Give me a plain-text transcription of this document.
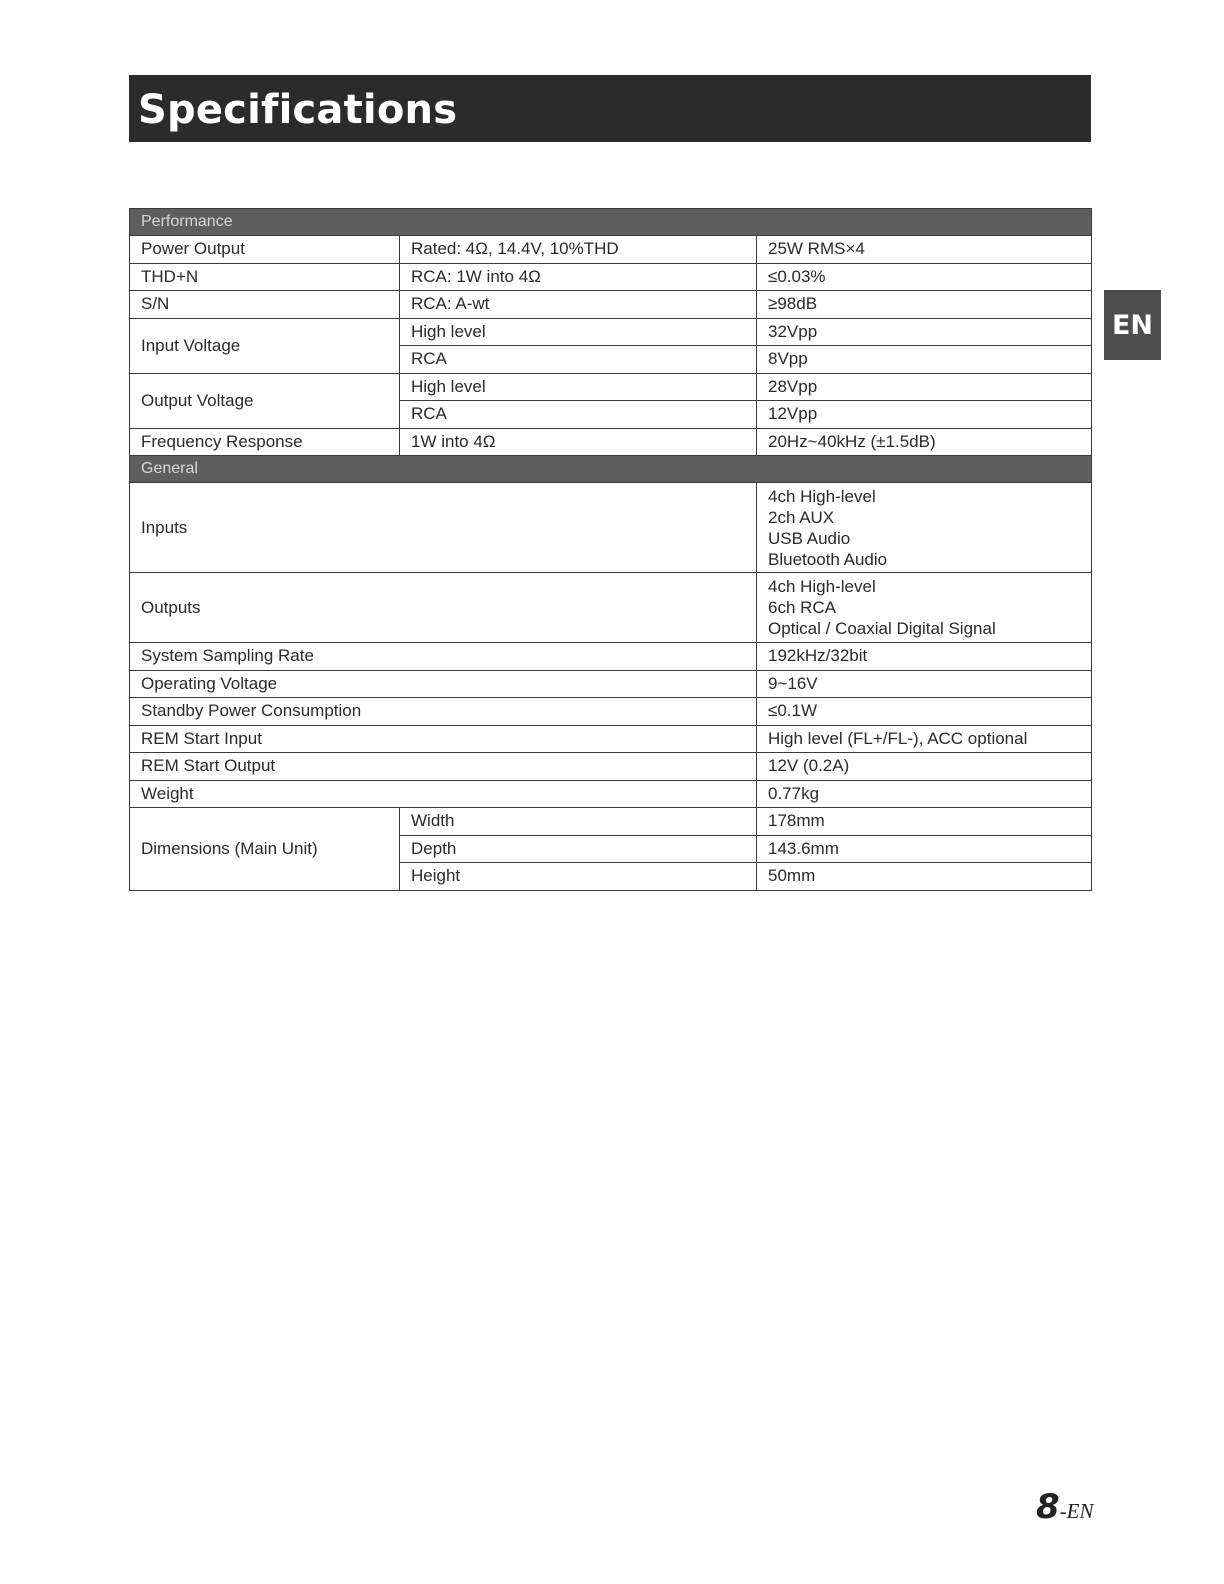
Specifications
EN
Performance		
Power Output	Rated: 4Ω, 14.4V, 10%THD	25W RMS×4
THD+N	RCA: 1W into 4Ω	≤0.03%
S/N	RCA: A-wt	≥98dB
Input Voltage	High level	32Vpp
	RCA	8Vpp
Output Voltage	High level	28Vpp
	RCA	12Vpp
Frequency Response	1W into 4Ω	20Hz~40kHz (±1.5dB)
General		
Inputs		4ch High-level
2ch AUX
USB Audio
Bluetooth Audio

Outputs		4ch High-level
6ch RCA
Optical / Coaxial Digital Signal

System Sampling Rate		192kHz/32bit
Operating Voltage		9~16V
Standby Power Consumption		≤0.1W
REM Start Input		High level (FL+/FL-), ACC optional
REM Start Output		12V (0.2A)
Weight		0.77kg
Dimensions (Main Unit)	Width	178mm
	Depth	143.6mm
	Height	50mm
8-EN
